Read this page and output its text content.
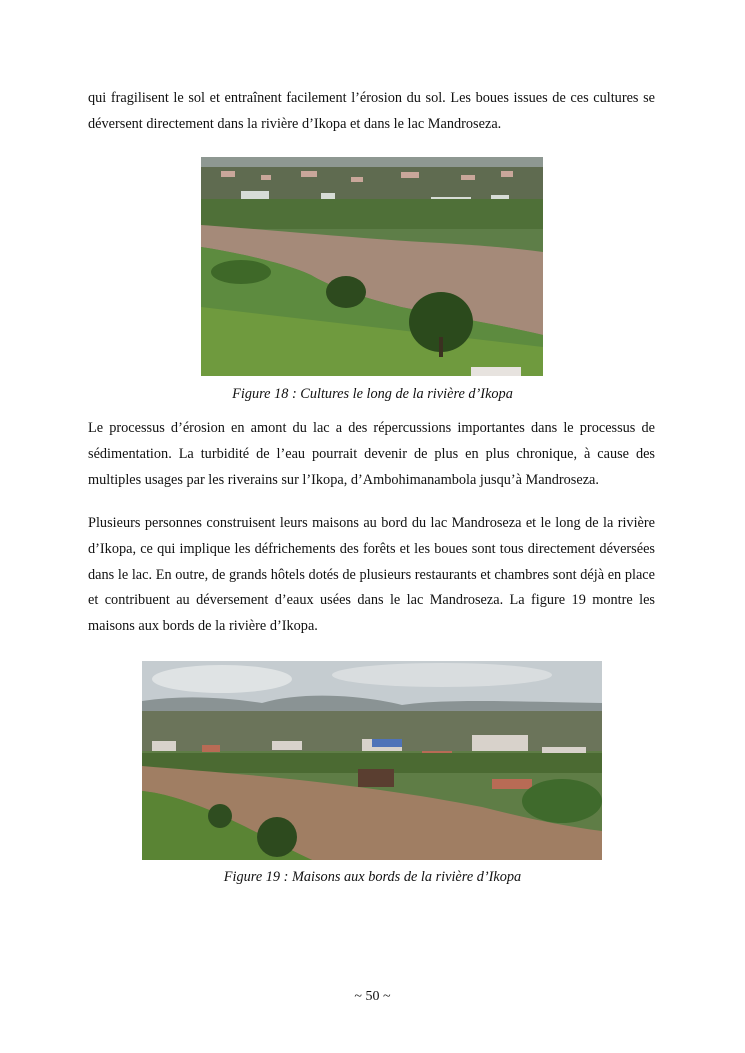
qui fragilisent le sol et entraînent facilement l’érosion du sol. Les boues issues de ces cultures se déversent directement dans la rivière d’Ikopa et dans le lac Mandroseza.

Figure 18 : Cultures le long de la rivière d’Ikopa

Le processus d’érosion en amont du lac a des répercussions importantes dans le processus de sédimentation. La turbidité de l’eau pourrait devenir de plus en plus chronique, à cause des multiples usages par les riverains sur l’Ikopa, d’Ambohimanambola jusqu’à Mandroseza.

Plusieurs personnes construisent leurs maisons au bord du lac Mandroseza et le long de la rivière d’Ikopa, ce qui implique les défrichements des forêts et les boues sont tous directement déversées dans le lac. En outre, de grands hôtels dotés de plusieurs restaurants et chambres sont déjà en place et contribuent au déversement d’eaux usées dans le lac Mandroseza. La figure 19 montre les maisons aux bords de la rivière d’Ikopa.

Figure 19 : Maisons aux bords de la rivière d’Ikopa

~ 50 ~
